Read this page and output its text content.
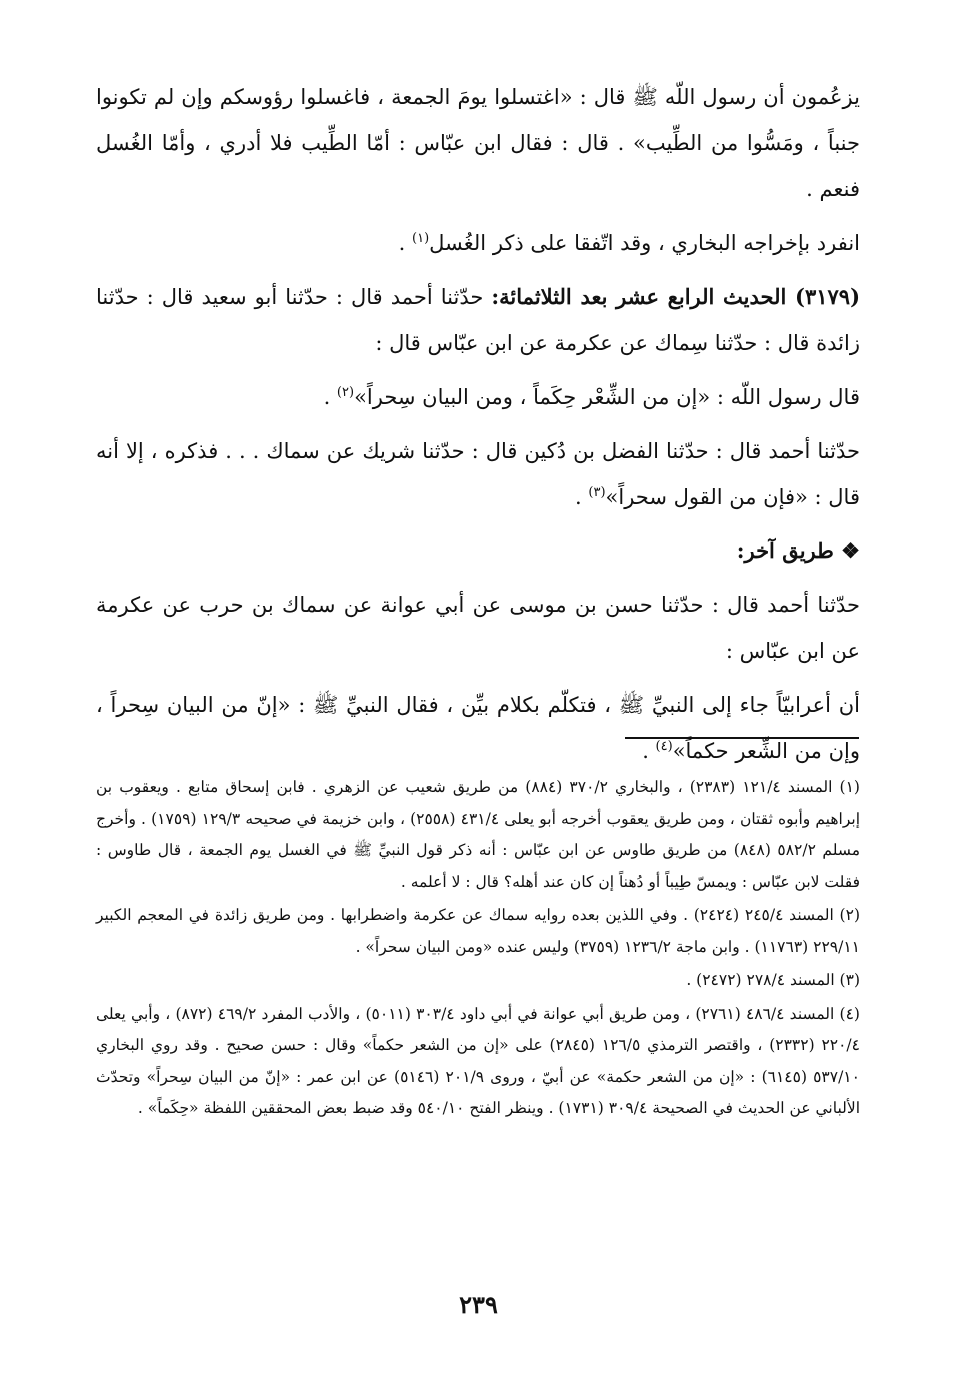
يزعُمون أن رسول اللّه ﷺ قال : «اغتسلوا يومَ الجمعة ، فاغسلوا رؤوسكم وإن لم تكونوا جنباً ، ومَسُّوا من الطِّيب» . قال : فقال ابن عبّاس : أمّا الطِّيب فلا أدري ، وأمّا الغُسل فنعم .
انفرد بإخراجه البخاري ، وقد اتّفقا على ذكر الغُسل$^{(١)}$ .
(٣١٧٩) الحديث الرابع عشر بعد الثلاثمائة: حدّثنا أحمد قال : حدّثنا أبو سعيد قال : حدّثنا زائدة قال : حدّثنا سِماك عن عكرمة عن ابن عبّاس قال :
قال رسول اللّه : «إن من الشِّعْر حِكَماً ، ومن البيان سِحراً»$^{(٢)}$ .
حدّثنا أحمد قال : حدّثنا الفضل بن دُكين قال : حدّثنا شريك عن سماك . . . فذكره ، إلا أنه قال : «فإن من القول سحراً»$^{(٣)}$ .
❖ طريق آخر:
حدّثنا أحمد قال : حدّثنا حسن بن موسى عن أبي عوانة عن سماك بن حرب عن عكرمة عن ابن عبّاس :
أن أعرابيّاً جاء إلى النبيِّ ﷺ ، فتكلّم بكلام بيِّن ، فقال النبيِّ ﷺ : «إنّ من البيان سِحراً ، وإن من الشِّعر حكماً»$^{(٤)}$ .
(١) المسند ١٢١/٤ (٢٣٨٣) ، والبخاري ٣٧٠/٢ (٨٨٤) من طريق شعيب عن الزهري . فابن إسحاق متابع . ويعقوب بن إبراهيم وأبوه ثقتان ، ومن طريق يعقوب أخرجه أبو يعلى ٤٣١/٤ (٢٥٥٨) ، وابن خزيمة في صحيحه ١٢٩/٣ (١٧٥٩) . وأخرج مسلم ٥٨٢/٢ (٨٤٨) من طريق طاوس عن ابن عبّاس : أنه ذكر قول النبيِّ ﷺ في الغسل يوم الجمعة ، قال طاوس : فقلت لابن عبّاس : ويمسّ طِيباً أو دُهناً إن كان عند أهله؟ قال : لا أعلمه .
(٢) المسند ٢٤٥/٤ (٢٤٢٤) . وفي اللذين بعده روايه سماك عن عكرمة واضطرابها . ومن طريق زائدة في المعجم الكبير ٢٢٩/١١ (١١٧٦٣) . وابن ماجة ١٢٣٦/٢ (٣٧٥٩) وليس عنده «ومن البيان سحراً» .
(٣) المسند ٢٧٨/٤ (٢٤٧٢) .
(٤) المسند ٤٨٦/٤ (٢٧٦١) ، ومن طريق أبي عوانة في أبي داود ٣٠٣/٤ (٥٠١١) ، والأدب المفرد ٤٦٩/٢ (٨٧٢) ، وأبي يعلى ٢٢٠/٤ (٢٣٣٢) ، واقتصر الترمذي ١٢٦/٥ (٢٨٤٥) على «إن من الشعر حكماً» وقال : حسن صحيح . وقد روي البخاري ٥٣٧/١٠ (٦١٤٥) : «إن من الشعر حكمة» عن أبيّ ، وروى ٢٠١/٩ (٥١٤٦) عن ابن عمر : «إنّ من البيان سِحراً» وتحدّث الألباني عن الحديث في الصحيحة ٣٠٩/٤ (١٧٣١) . وينظر الفتح ٥٤٠/١٠ وقد ضبط بعض المحققين اللفظة «حِكَماً» .
٢٣٩
